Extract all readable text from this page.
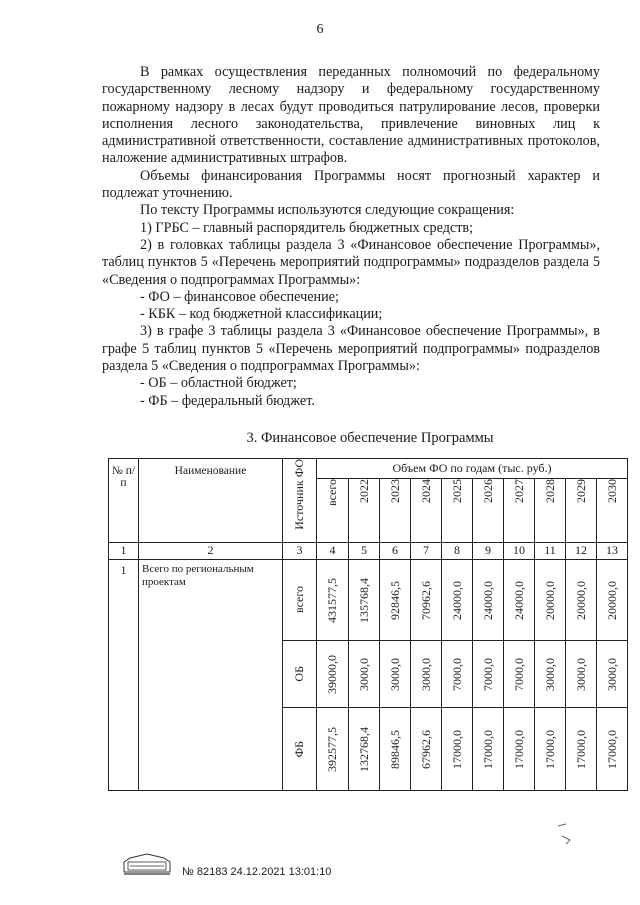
6

В рамках осуществления переданных полномочий по федеральному государственному лесному надзору и федеральному государственному пожарному надзору в лесах будут проводиться патрулирование лесов, проверки исполнения лесного законодательства, привлечение виновных лиц к административной ответственности, составление административных протоколов, наложение административных штрафов.

Объемы финансирования Программы носят прогнозный характер и подлежат уточнению.

По тексту Программы используются следующие сокращения:

1) ГРБС – главный распорядитель бюджетных средств;

2) в головках таблицы раздела 3 «Финансовое обеспечение Программы», таблиц пунктов 5 «Перечень мероприятий подпрограммы» подразделов раздела 5 «Сведения о подпрограммах Программы»:

- ФО – финансовое обеспечение;

- КБК – код бюджетной классификации;

3) в графе 3 таблицы раздела 3 «Финансовое обеспечение Программы», в графе 5 таблиц пунктов 5 «Перечень мероприятий подпрограммы» подразделов раздела 5 «Сведения о подпрограммах Программы»:

- ОБ – областной бюджет;

- ФБ – федеральный бюджет.

3. Финансовое обеспечение Программы
№ п/п	Наименование	Источник ФО	Объем ФО по годам (тыс. руб.)									

			всего	2022	2023	2024	2025	2026	2027	2028	2029	2030

1	2	3	4	5	6	7	8	9	10	11	12	13
1	Всего по региональным проектам	всего	431577,5	135768,4	92846,5	70962,6	24000,0	24000,0	24000,0	20000,0	20000,0	20000,0

		ОБ	39000,0	3000,0	3000,0	3000,0	7000,0	7000,0	7000,0	3000,0	3000,0	3000,0

		ФБ	392577,5	132768,4	89846,5	67962,6	17000,0	17000,0	17000,0	17000,0	17000,0	17000,0
№ 82183 24.12.2021 13:01:10
